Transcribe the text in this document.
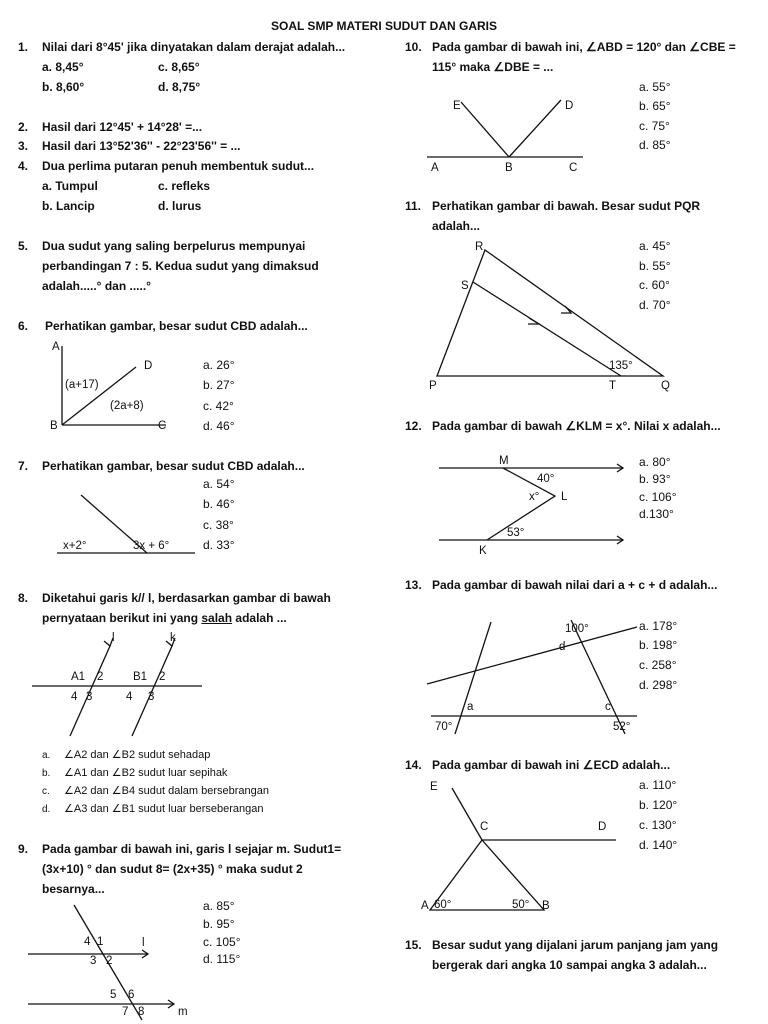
SOAL SMP MATERI SUDUT DAN GARIS
1. Nilai dari 8°45' jika dinyatakan dalam derajat adalah...
a. 8,45°	c. 8,65°
b. 8,60°	d. 8,75°
2. Hasil dari 12°45' + 14°28' =...
3. Hasil dari 13°52'36'' - 22°23'56'' = ...
4. Dua perlima putaran penuh membentuk sudut...
a. Tumpul	c. refleks
b. Lancip	d. lurus
5. Dua sudut yang saling berpelurus mempunyai
perbandingan 7 : 5. Kedua sudut yang dimaksud
adalah.....° dan .....°
6. Perhatikan gambar, besar sudut CBD adalah...
A
B	C
D
(a+17)
(2a+8)
a. 26°
b. 27°
c. 42°
d. 46°
7. Perhatikan gambar, besar sudut CBD adalah...
x+2°	3x + 6°
a. 54°
b. 46°
c. 38°
d. 33°
8. Diketahui garis k// l, berdasarkan gambar di bawah
pernyataan berikut ini yang salah adalah ...
l	k
A1 2	B1 2
4 3	4 3
a. ∠A2 dan ∠B2 sudut sehadap
b. ∠A1 dan ∠B2 sudut luar sepihak
c. ∠A2 dan ∠B4 sudut dalam bersebrangan
d. ∠A3 dan ∠B1 sudut luar berseberangan
9. Pada gambar di bawah ini, garis l sejajar m. Sudut1=
(3x+10) ° dan sudut 8= (2x+35) ° maka sudut 2
besarnya...
4 1
3 2
l
5 6
7 8	m
a. 85°
b. 95°
c. 105°
d. 115°
10. Pada gambar di bawah ini, ∠ABD = 120° dan ∠CBE =
115° maka ∠DBE = ...
E	D
A	B	C
a. 55°
b. 65°
c. 75°
d. 85°
11. Perhatikan gambar di bawah. Besar sudut PQR
adalah...
R
S
P	T	Q
135°
a. 45°
b. 55°
c. 60°
d. 70°
12. Pada gambar di bawah ∠KLM = x°. Nilai x adalah...
M
L
K
40°
x°
53°
a. 80°
b. 93°
c. 106°
d.130°
13. Pada gambar di bawah nilai dari a + c + d adalah...
100°
d
a	c
70°	52°
a. 178°
b. 198°
c. 258°
d. 298°
14. Pada gambar di bawah ini ∠ECD adalah...
E
C	D
A	B
60°	50°
a. 110°
b. 120°
c. 130°
d. 140°
15. Besar sudut yang dijalani jarum panjang jam yang
bergerak dari angka 10 sampai angka 3 adalah...
